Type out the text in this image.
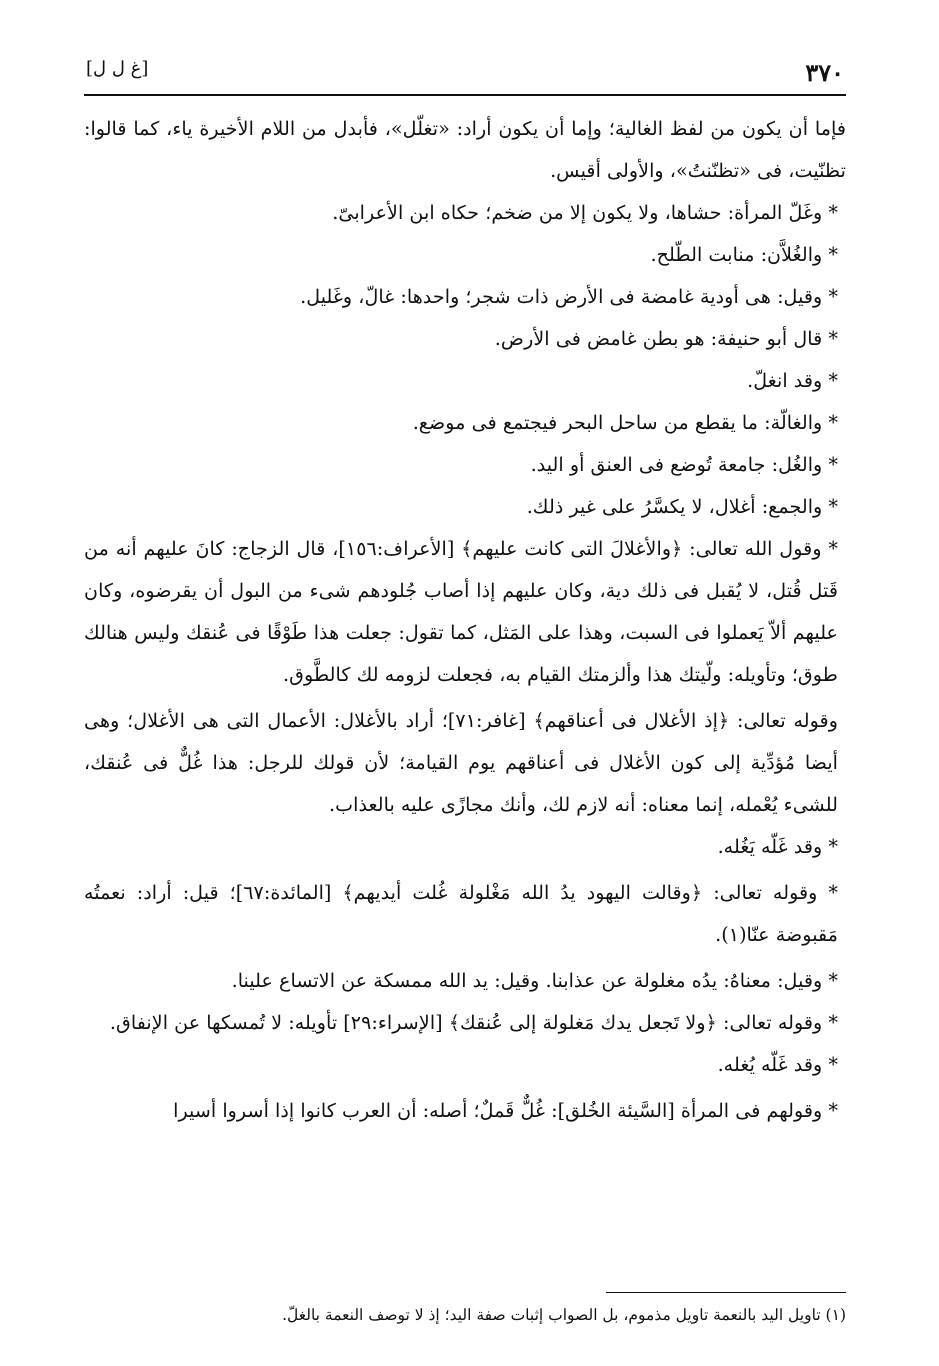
٣٧٠
[غ ل ل]

فإما أن يكون من لفظ الغالية؛ وإما أن يكون أراد: «تغلّل»، فأبدل من اللام الأخيرة ياء، كما قالوا: تظنّيت، فى «تظنّنتُ»، والأولى أقيس.

* وغَلّ المرأة: حشاها، ولا يكون إلا من ضخم؛ حكاه ابن الأعرابىّ.

* والغُلاَّن: منابت الطّلح.

* وقيل: هى أودية غامضة فى الأرض ذات شجر؛ واحدها: غالّ، وغَليل.

* قال أبو حنيفة: هو بطن غامض فى الأرض.

* وقد انغلّ.

* والغالّة: ما يقطع من ساحل البحر فيجتمع فى موضع.

* والغُل: جامعة تُوضع فى العنق أو اليد.

* والجمع: أغلال، لا يكسَّرُ على غير ذلك.

* وقول الله تعالى: ﴿والأغلالَ التى كانت عليهم﴾ [الأعراف:١٥٦]، قال الزجاج: كانَ عليهم أنه من قَتل قُتل، لا يُقبل فى ذلك دية، وكان عليهم إذا أصاب جُلودهم شىء من البول أن يقرضوه، وكان عليهم ألاّ يَعملوا فى السبت، وهذا على المَثل، كما تقول: جعلت هذا طَوْقًا فى عُنقك وليس هنالك طوق؛ وتأويله: ولّيتك هذا وألزمتك القيام به، فجعلت لزومه لك كالطَّوق.

وقوله تعالى: ﴿إذ الأغلال فى أعناقهم﴾ [غافر:٧١]؛ أراد بالأغلال: الأعمال التى هى الأغلال؛ وهى أيضا مُؤدِّية إلى كون الأغلال فى أعناقهم يوم القيامة؛ لأن قولك للرجل: هذا غُلٌّ فى عُنقك، للشىء يُعْمله، إنما معناه: أنه لازم لك، وأنك مجازًى عليه بالعذاب.

* وقد غَلّه يَغُله.

* وقوله تعالى: ﴿وقالت اليهود يدُ الله مَغْلولة غُلت أيديهم﴾ [المائدة:٦٧]؛ قيل: أراد: نعمتُه مَقبوضة عنّا(١).

* وقيل: معناهُ: يدُه مغلولة عن عذابنا. وقيل: يد الله ممسكة عن الاتساع علينا.

* وقوله تعالى: ﴿ولا تَجعل يدك مَغلولة إلى عُنقك﴾ [الإسراء:٢٩] تأويله: لا تُمسكها عن الإنفاق.

* وقد غَلّه يُغله.

* وقولهم فى المرأة [السَّيئة الخُلق]: غُلٌّ قَملٌ؛ أصله: أن العرب كانوا إذا أسروا أسيرا

(١) تاويل اليد بالنعمة تاويل مذموم، بل الصواب إثبات صفة اليد؛ إذ لا توصف النعمة بالغلّ.
